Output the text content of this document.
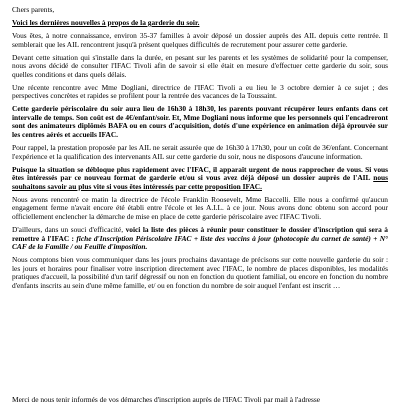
Chers parents,

Voici les dernières nouvelles à propos de la garderie du soir.

Vous êtes, à notre connaissance, environ 35-37 familles à avoir déposé un dossier auprès des AIL depuis cette rentrée. Il semblerait que les AIL rencontrent jusqu'à présent quelques difficultés de recrutement pour assurer cette garderie.

Devant cette situation qui s'installe dans la durée, en pesant sur les parents et les systèmes de solidarité pour la compenser, nous avons décidé de consulter l'IFAC Tivoli afin de savoir si elle était en mesure d'effectuer cette garderie du soir, sous quelles conditions et dans quels délais.

Une récente rencontre avec Mme Dogliani, directrice de l'IFAC Tivoli a eu lieu le 3 octobre dernier à ce sujet ; des perspectives concrètes et rapides se profilent pour la rentrée des vacances de la Toussaint.

Cette garderie périscolaire du soir aura lieu de 16h30 à 18h30, les parents pouvant récupérer leurs enfants dans cet intervalle de temps. Son coût est de 4€/enfant/soir. Et, Mme Dogliani nous informe que les personnels qui l'encadreront sont des animateurs diplômés BAFA ou en cours d'acquisition, dotés d'une expérience en animation déjà éprouvée sur les centres aérés et accueils IFAC.

Pour rappel, la prestation proposée par les AIL ne serait assurée que de 16h30 à 17h30, pour un coût de 3€/enfant. Concernant l'expérience et la qualification des intervenants AIL sur cette garderie du soir, nous ne disposons d'aucune information.

Puisque la situation se débloque plus rapidement avec l'IFAC, il apparaît urgent de nous rapprocher de vous. Si vous êtes intéressés par ce nouveau format de garderie et/ou si vous avez déjà déposé un dossier auprès de l'AIL nous souhaitons savoir au plus vite si vous êtes intéressés par cette proposition IFAC.

Nous avons rencontré ce matin la directrice de l'école Franklin Roosevelt, Mme Baccelli. Elle nous a confirmé qu'aucun engagement ferme n'avait encore été établi entre l'école et les A.I.L. à ce jour. Nous avons donc obtenu son accord pour officiellement enclencher la démarche de mise en place de cette garderie périscolaire avec l'IFAC Tivoli.

D'ailleurs, dans un souci d'efficacité, voici la liste des pièces à réunir pour constituer le dossier d'inscription qui sera à remettre à l'IFAC : fiche d'Inscription Périscolaire IFAC + liste des vaccins à jour (photocopie du carnet de santé) + N° CAF de la Famille / ou Feuille d'imposition.

Nous comptons bien vous communiquer dans les jours prochains davantage de précisons sur cette nouvelle garderie du soir : les jours et horaires pour finaliser votre inscription directement avec l'IFAC, le nombre de places disponibles, les modalités pratiques d'accueil, la possibilité d'un tarif dégressif ou non en fonction du quotient familial, ou encore en fonction du nombre d'enfants inscrits au sein d'une même famille, et/ ou en fonction du nombre de soir auquel l'enfant est inscrit …

Merci de nous tenir informés de vos démarches d'inscription auprès de l'IFAC Tivoli par mail à l'adresse
